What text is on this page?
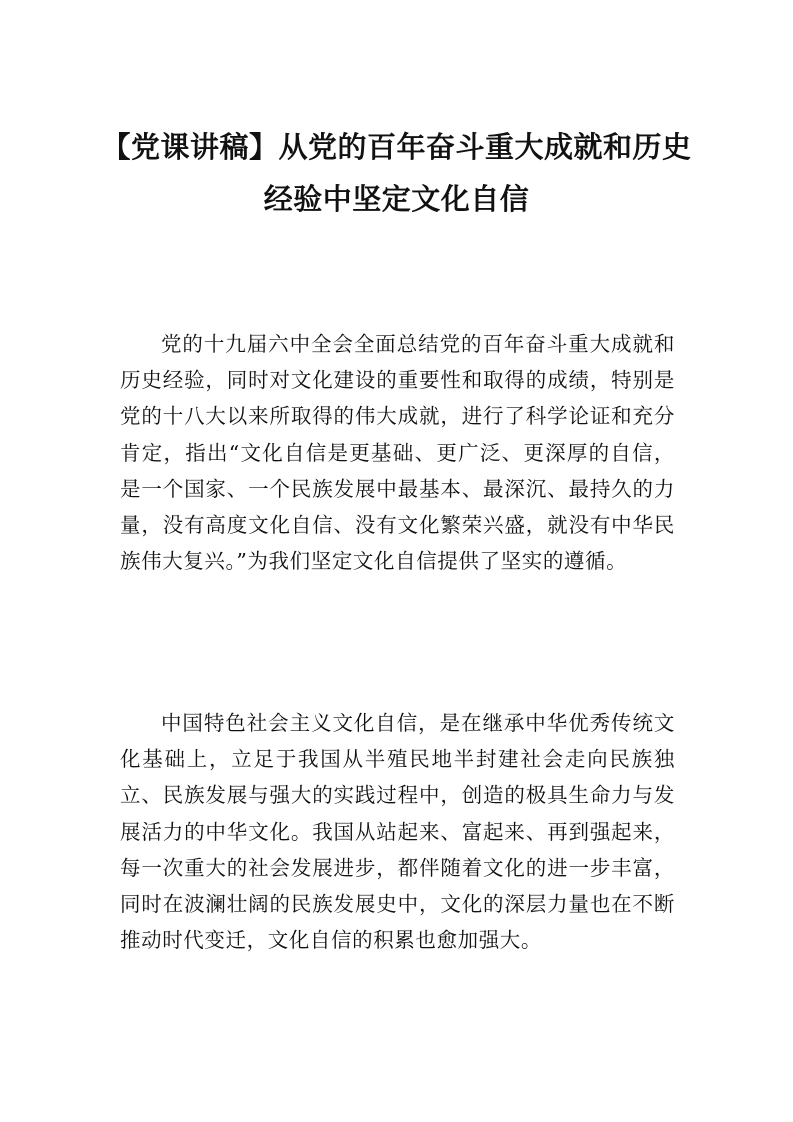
【党课讲稿】从党的百年奋斗重大成就和历史经验中坚定文化自信

党的十九届六中全会全面总结党的百年奋斗重大成就和历史经验，同时对文化建设的重要性和取得的成绩，特别是党的十八大以来所取得的伟大成就，进行了科学论证和充分肯定，指出“文化自信是更基础、更广泛、更深厚的自信，是一个国家、一个民族发展中最基本、最深沉、最持久的力量，没有高度文化自信、没有文化繁荣兴盛，就没有中华民族伟大复兴。”为我们坚定文化自信提供了坚实的遵循。

中国特色社会主义文化自信，是在继承中华优秀传统文化基础上，立足于我国从半殖民地半封建社会走向民族独立、民族发展与强大的实践过程中，创造的极具生命力与发展活力的中华文化。我国从站起来、富起来、再到强起来，每一次重大的社会发展进步，都伴随着文化的进一步丰富，同时在波澜壮阔的民族发展史中，文化的深层力量也在不断推动时代变迁，文化自信的积累也愈加强大。
